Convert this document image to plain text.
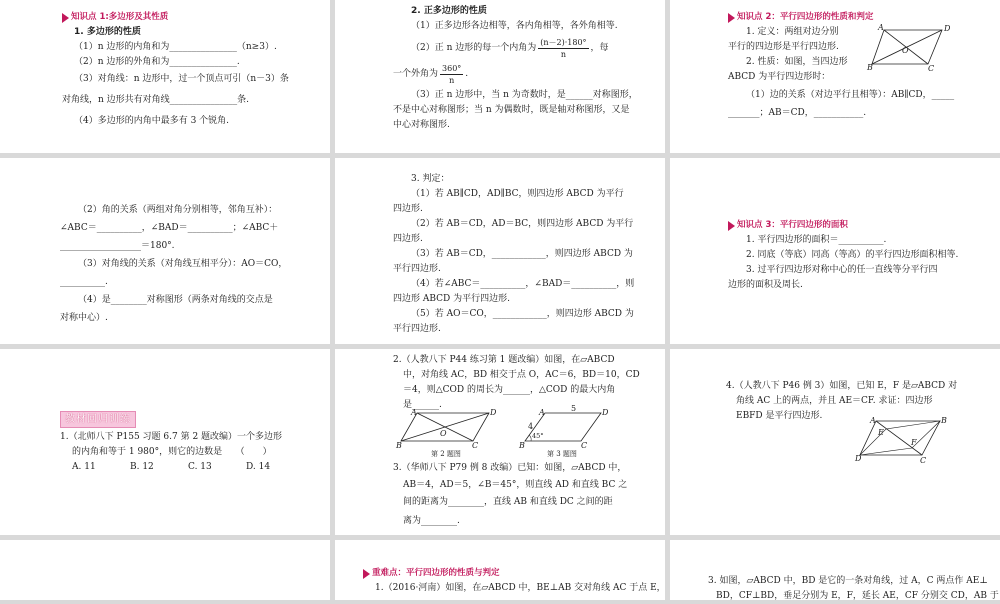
知识点 1:多边形及其性质

1. 多边形的性质

（1）n 边形的内角和为_______________（n≥3）.

（2）n 边形的外角和为_______________.

（3）对角线：n 边形中，过一个顶点可引（n－3）条

对角线，n 边形共有对角线_______________条.

（4）多边形的内角中最多有 3 个锐角.

2. 正多边形的性质

（1）正多边形各边相等，各内角相等，各外角相等.

（2）正 n 边形的每一个内角为
(n－2)·180°
n
，每
一个外角为
360°
n
.

（3）正 n 边形中，当 n 为奇数时，是______对称图形，

不是中心对称图形；当 n 为偶数时，既是轴对称图形，又是

中心对称图形.

知识点 2：平行四边形的性质和判定

1. 定义：两组对边分别

平行的四边形是平行四边形.

2. 性质：如图，当四边形

ABCD 为平行四边形时：

（1）边的关系（对边平行且相等）：AB∥CD，_____

_______；AB＝CD，___________.

A	D
B	C
O

（2）角的关系（两组对角分别相等，邻角互补）：

∠ABC＝__________，∠BAD＝__________；∠ABC＋

__________________＝180°.

（3）对角线的关系（对角线互相平分）：AO＝CO，

__________.

（4）是________对称图形（两条对角线的交点是

对称中心）.

3. 判定：

（1）若 AB∥CD，AD∥BC，则四边形 ABCD 为平行

四边形.

（2）若 AB＝CD，AD＝BC，则四边形 ABCD 为平行

四边形.

（3）若 AB＝CD，____________，则四边形 ABCD 为

平行四边形.

（4）若∠ABC＝__________，∠BAD＝__________，则

四边形 ABCD 为平行四边形.

（5）若 AO＝CO，____________，则四边形 ABCD 为

平行四边形.

知识点 3：平行四边形的面积

1. 平行四边形的面积＝__________.

2. 同底（等底）同高（等高）的平行四边形面积相等.

3. 过平行四边形对称中心的任一直线等分平行四

边形的面积及周长.

教材回归训练

1.（北师八下 P155 习题 6.7 第 2 题改编）一个多边形

的内角和等于 1 980°，则它的边数是　　（　　）

A. 11	B. 12	C. 13	D. 14

2.（人教八下 P44 练习第 1 题改编）如图，在▱ABCD

中，对角线 AC，BD 相交于点 O，AC＝6，BD＝10，CD

＝4，则△COD 的周长为______，△COD 的最大内角

是______.

A	D
B	C
O
第 2 题图
A	D
B	C
5
4
45°
第 3 题图

3.（华师八下 P79 例 8 改编）已知：如图，▱ABCD 中，

AB＝4，AD＝5，∠B＝45°，则直线 AD 和直线 BC 之

间的距离为________，直线 AB 和直线 DC 之间的距

离为________.

4.（人教八下 P46 例 3）如图，已知 E，F 是▱ABCD 对

角线 AC 上的两点，并且 AE＝CF. 求证：四边形

EBFD 是平行四边形.	A	B
C
D
E
F
重难点：平行四边形的性质与判定

1.（2016·河南）如图，在▱ABCD 中，BE⊥AB 交对角线 AC 于点 E，

3. 如图，▱ABCD 中，BD 是它的一条对角线，过 A，C 两点作 AE⊥

BD，CF⊥BD，垂足分别为 E，F，延长 AE，CF 分别交 CD，AB 于
